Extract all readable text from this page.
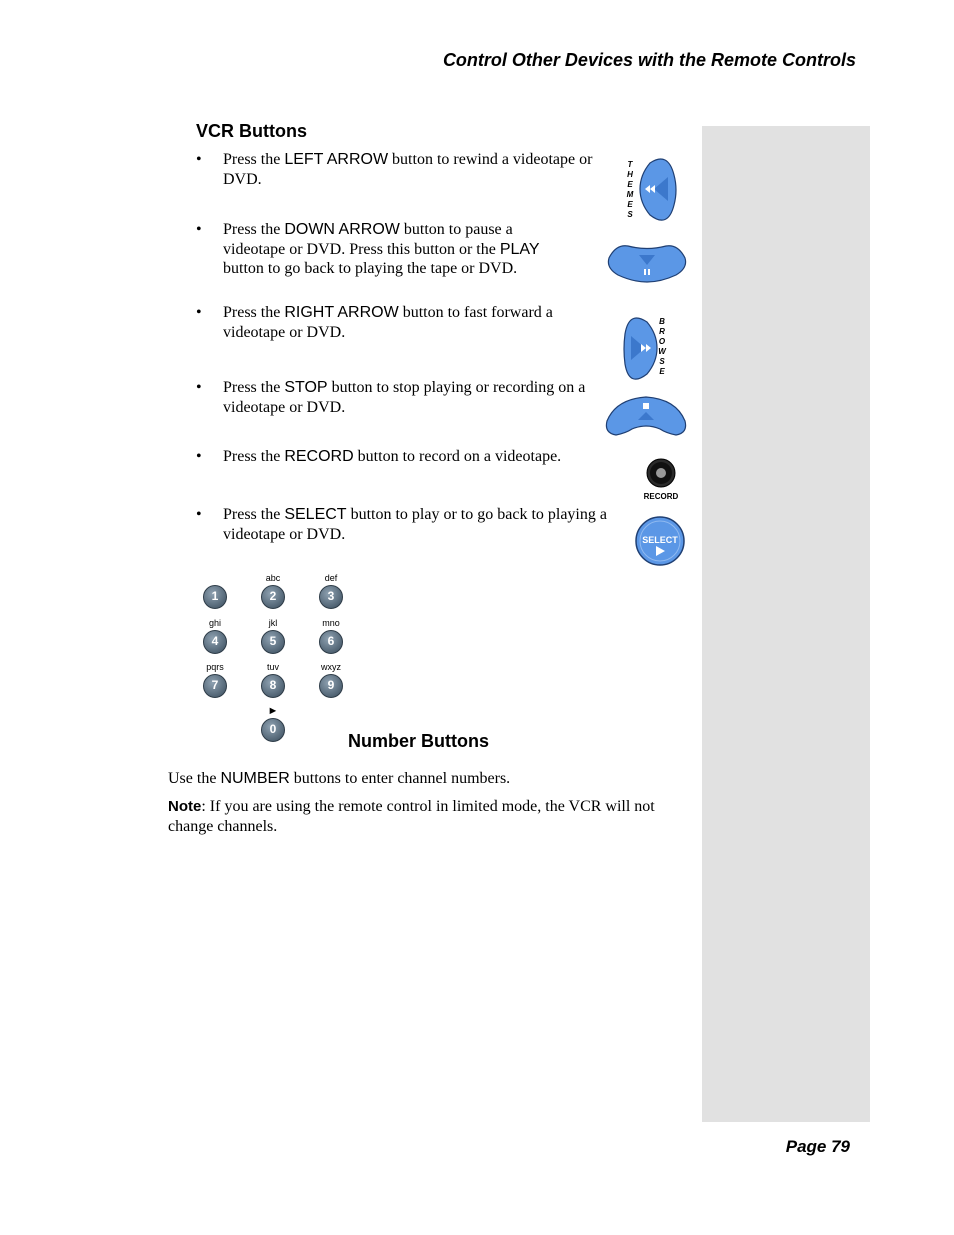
Control Other Devices with the Remote Controls
VCR Buttons
• Press the LEFT ARROW button to rewind a videotape or DVD.
• Press the DOWN ARROW button to pause a videotape or DVD. Press this button or the PLAY button to go back to playing the tape or DVD.
• Press the RIGHT ARROW button to fast forward a videotape or DVD.
• Press the STOP button to stop playing or recording on a videotape or DVD.
• Press the RECORD button to record on a videotape.
• Press the SELECT button to play or to go back to playing a videotape or DVD.
T
H
E
M
E
S
B
R
O
W
S
E
RECORD
SELECT
1
abc
2
def
3
ghi
4
jkl
5
mno
6
pqrs
7
tuv
8
wxyz
9
►
0
Number Buttons
Use the NUMBER buttons to enter channel numbers.
Note: If you are using the remote control in limited mode, the VCR will not change channels.
Page 79
